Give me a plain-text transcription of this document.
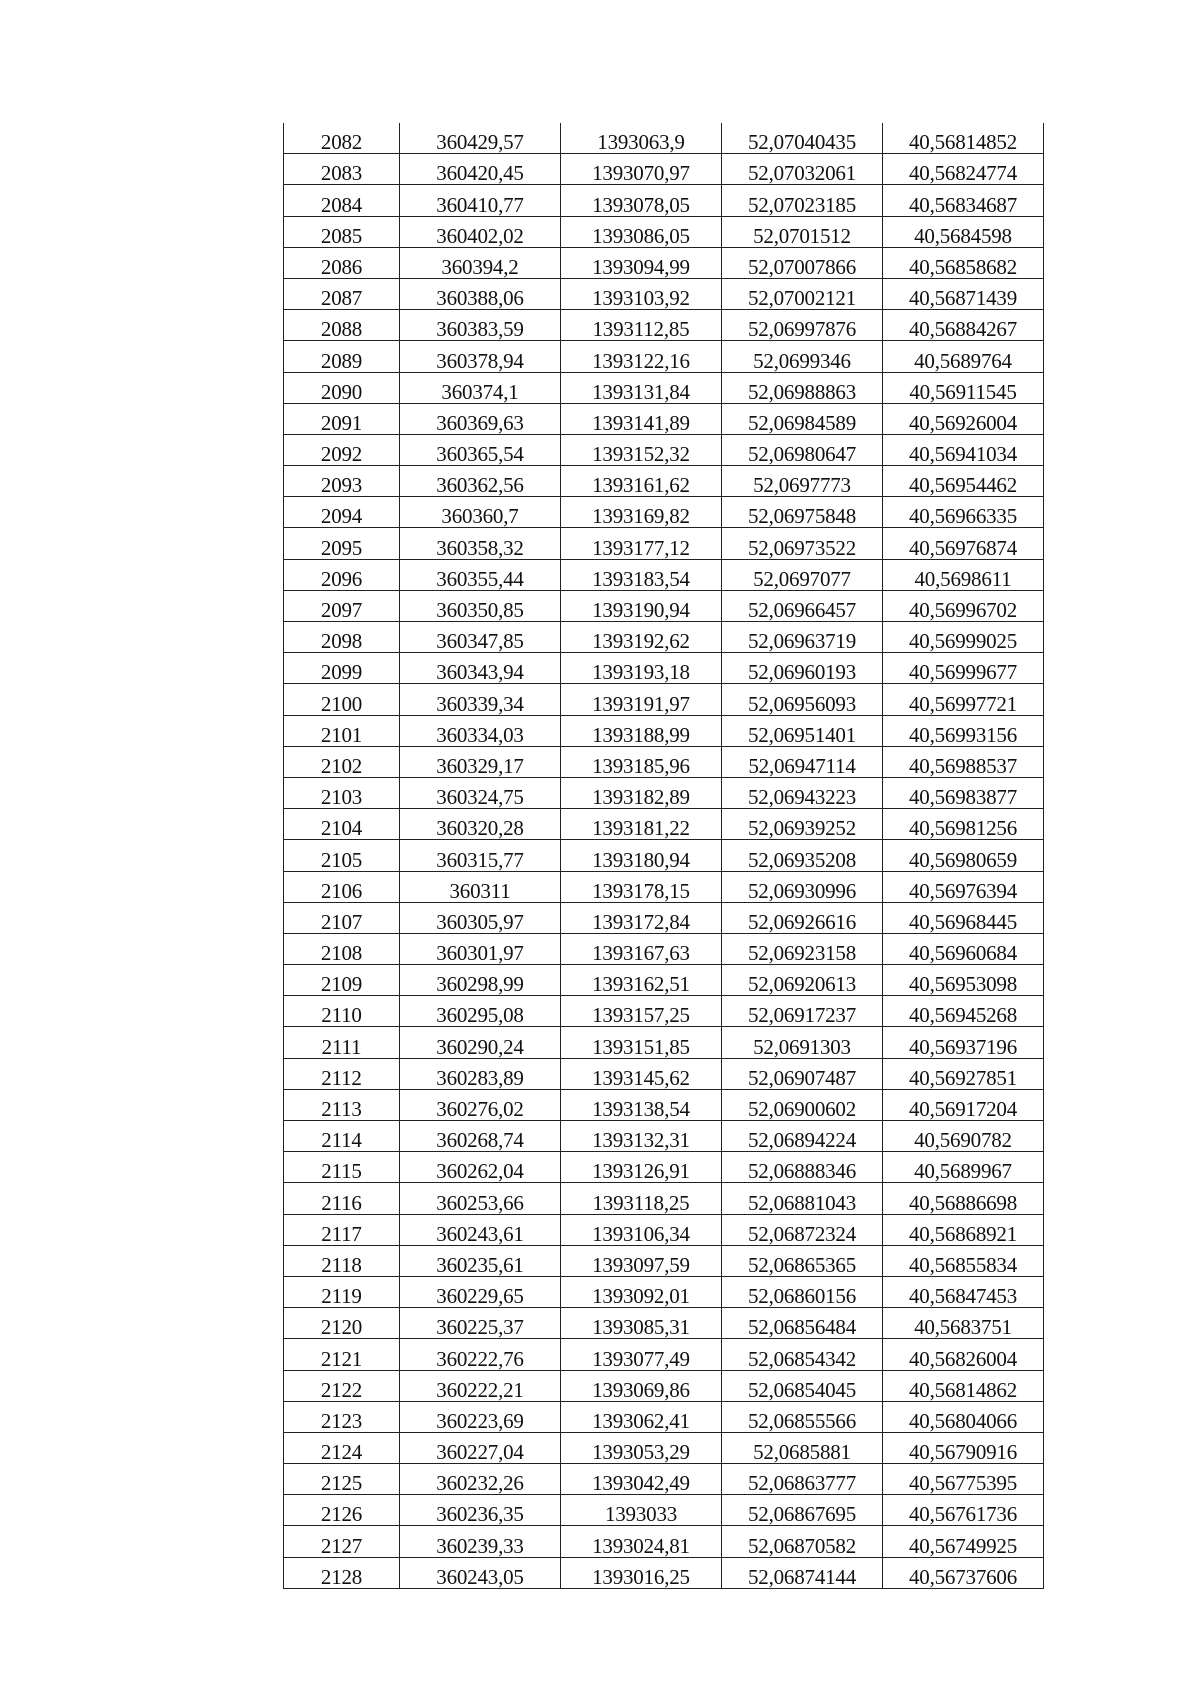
2082	360429,57	1393063,9	52,07040435	40,56814852
2083	360420,45	1393070,97	52,07032061	40,56824774
2084	360410,77	1393078,05	52,07023185	40,56834687
2085	360402,02	1393086,05	52,0701512	40,5684598
2086	360394,2	1393094,99	52,07007866	40,56858682
2087	360388,06	1393103,92	52,07002121	40,56871439
2088	360383,59	1393112,85	52,06997876	40,56884267
2089	360378,94	1393122,16	52,0699346	40,5689764
2090	360374,1	1393131,84	52,06988863	40,56911545
2091	360369,63	1393141,89	52,06984589	40,56926004
2092	360365,54	1393152,32	52,06980647	40,56941034
2093	360362,56	1393161,62	52,0697773	40,56954462
2094	360360,7	1393169,82	52,06975848	40,56966335
2095	360358,32	1393177,12	52,06973522	40,56976874
2096	360355,44	1393183,54	52,0697077	40,5698611
2097	360350,85	1393190,94	52,06966457	40,56996702
2098	360347,85	1393192,62	52,06963719	40,56999025
2099	360343,94	1393193,18	52,06960193	40,56999677
2100	360339,34	1393191,97	52,06956093	40,56997721
2101	360334,03	1393188,99	52,06951401	40,56993156
2102	360329,17	1393185,96	52,06947114	40,56988537
2103	360324,75	1393182,89	52,06943223	40,56983877
2104	360320,28	1393181,22	52,06939252	40,56981256
2105	360315,77	1393180,94	52,06935208	40,56980659
2106	360311	1393178,15	52,06930996	40,56976394
2107	360305,97	1393172,84	52,06926616	40,56968445
2108	360301,97	1393167,63	52,06923158	40,56960684
2109	360298,99	1393162,51	52,06920613	40,56953098
2110	360295,08	1393157,25	52,06917237	40,56945268
2111	360290,24	1393151,85	52,0691303	40,56937196
2112	360283,89	1393145,62	52,06907487	40,56927851
2113	360276,02	1393138,54	52,06900602	40,56917204
2114	360268,74	1393132,31	52,06894224	40,5690782
2115	360262,04	1393126,91	52,06888346	40,5689967
2116	360253,66	1393118,25	52,06881043	40,56886698
2117	360243,61	1393106,34	52,06872324	40,56868921
2118	360235,61	1393097,59	52,06865365	40,56855834
2119	360229,65	1393092,01	52,06860156	40,56847453
2120	360225,37	1393085,31	52,06856484	40,5683751
2121	360222,76	1393077,49	52,06854342	40,56826004
2122	360222,21	1393069,86	52,06854045	40,56814862
2123	360223,69	1393062,41	52,06855566	40,56804066
2124	360227,04	1393053,29	52,0685881	40,56790916
2125	360232,26	1393042,49	52,06863777	40,56775395
2126	360236,35	1393033	52,06867695	40,56761736
2127	360239,33	1393024,81	52,06870582	40,56749925
2128	360243,05	1393016,25	52,06874144	40,56737606
